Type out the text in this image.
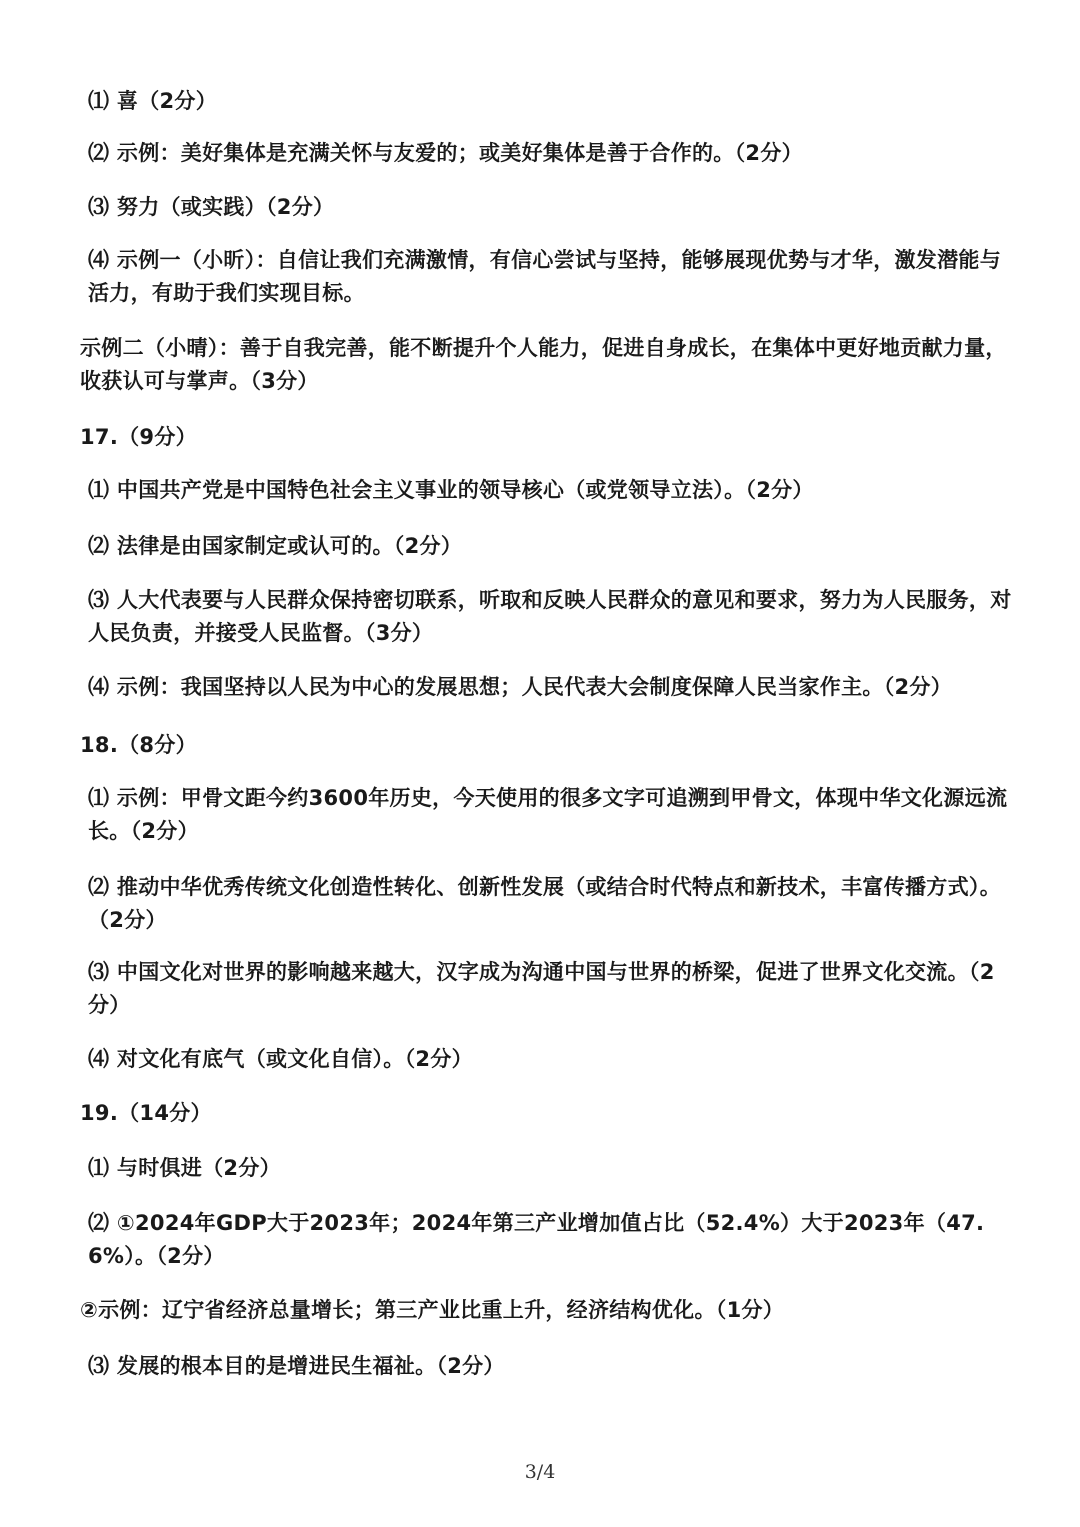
⑴ 喜（2分）
⑵ 示例：美好集体是充满关怀与友爱的；或美好集体是善于合作的。（2分）
⑶ 努力（或实践）（2分）
⑷ 示例一（小昕）：自信让我们充满激情，有信心尝试与坚持，能够展现优势与才华，激发潜能与活力，有助于我们实现目标。
示例二（小晴）：善于自我完善，能不断提升个人能力，促进自身成长，在集体中更好地贡献力量，收获认可与掌声。（3分）
17.（9分）
⑴ 中国共产党是中国特色社会主义事业的领导核心（或党领导立法）。（2分）
⑵ 法律是由国家制定或认可的。（2分）
⑶ 人大代表要与人民群众保持密切联系，听取和反映人民群众的意见和要求，努力为人民服务，对人民负责，并接受人民监督。（3分）
⑷ 示例：我国坚持以人民为中心的发展思想；人民代表大会制度保障人民当家作主。（2分）
18.（8分）
⑴ 示例：甲骨文距今约3600年历史，今天使用的很多文字可追溯到甲骨文，体现中华文化源远流长。（2分）
⑵ 推动中华优秀传统文化创造性转化、创新性发展（或结合时代特点和新技术，丰富传播方式）。（2分）
⑶ 中国文化对世界的影响越来越大，汉字成为沟通中国与世界的桥梁，促进了世界文化交流。（2分）
⑷ 对文化有底气（或文化自信）。（2分）
19.（14分）
⑴ 与时俱进（2分）
⑵ ①2024年GDP大于2023年；2024年第三产业增加值占比（52.4%）大于2023年（47.6%）。（2分）
②示例：辽宁省经济总量增长；第三产业比重上升，经济结构优化。（1分）
⑶ 发展的根本目的是增进民生福祉。（2分）
3/4
